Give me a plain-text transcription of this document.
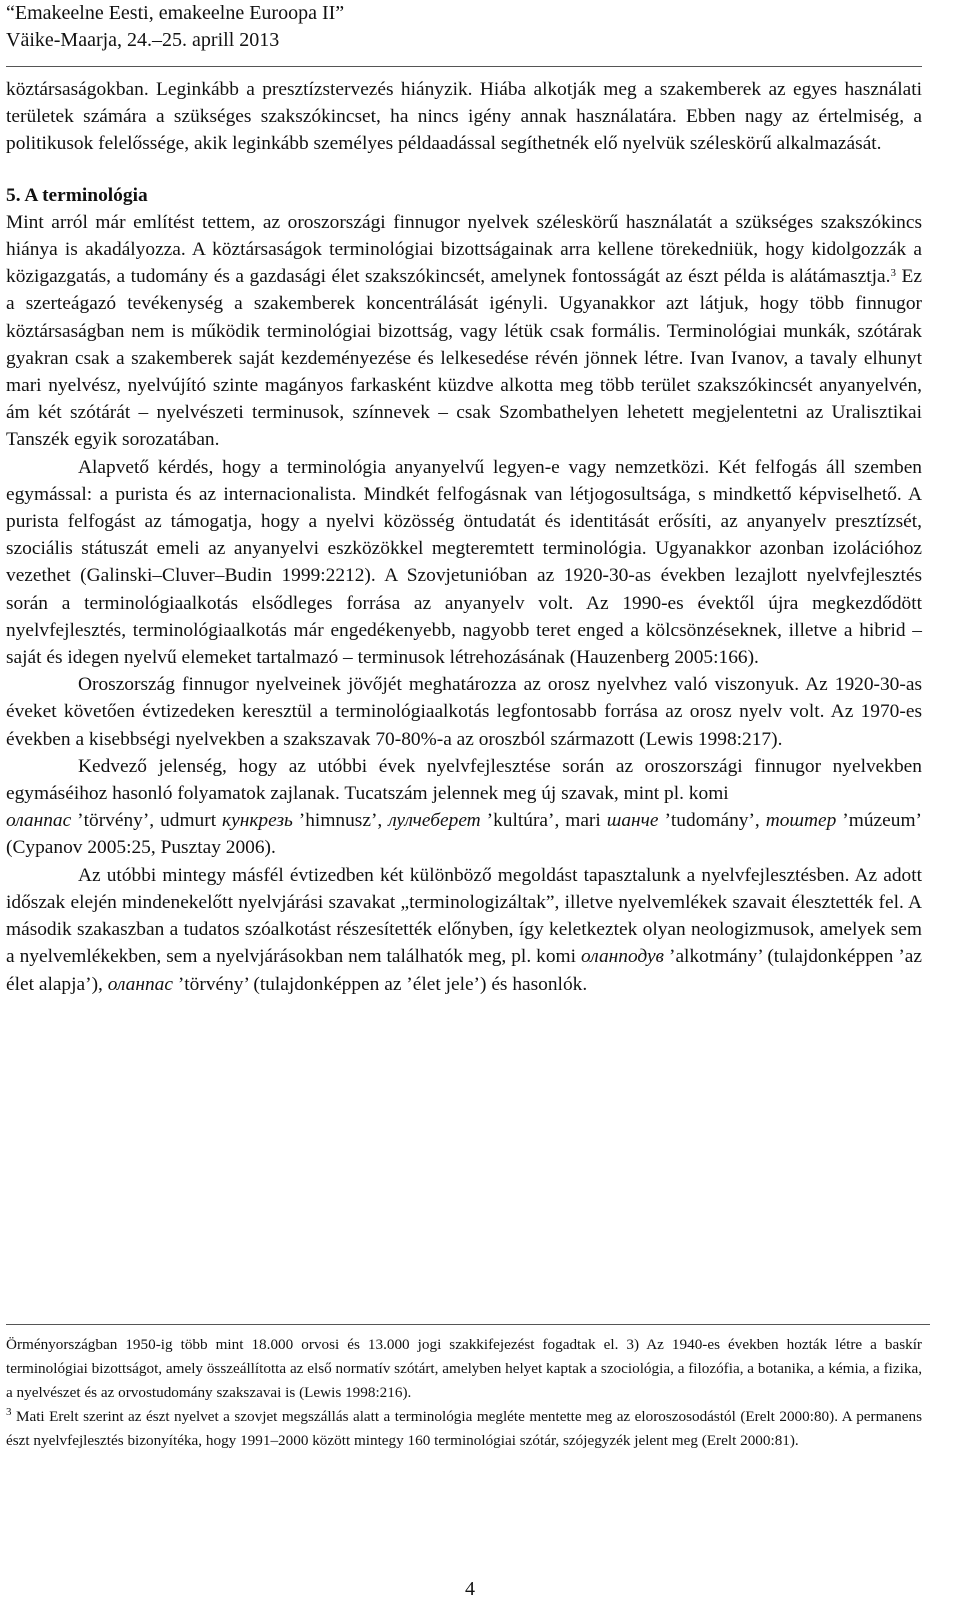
“Emakeelne Eesti, emakeelne Euroopa II”
Väike-Maarja, 24.–25. aprill 2013

köztársaságokban. Leginkább a presztízstervezés hiányzik. Hiába alkotják meg a szakemberek az egyes használati területek számára a szükséges szakszókincset, ha nincs igény annak használatára. Ebben nagy az értelmiség, a politikusok felelőssége, akik leginkább személyes példaadással segíthetnék elő nyelvük széleskörű alkalmazását.

5. A terminológia

Mint arról már említést tettem, az oroszországi finnugor nyelvek széleskörű használatát a szükséges szakszókincs hiánya is akadályozza. A köztársaságok terminológiai bizottságainak arra kellene törekedniük, hogy kidolgozzák a közigazgatás, a tudomány és a gazdasági élet szakszókincsét, amelynek fontosságát az észt példa is alátámasztja.$^3$ Ez a szerteágazó tevékenység a szakemberek koncentrálását igényli. Ugyanakkor azt látjuk, hogy több finnugor köztársaságban nem is működik terminológiai bizottság, vagy létük csak formális. Terminológiai munkák, szótárak gyakran csak a szakemberek saját kezdeményezése és lelkesedése révén jönnek létre. Ivan Ivanov, a tavaly elhunyt mari nyelvész, nyelvújító szinte magányos farkasként küzdve alkotta meg több terület szakszókincsét anyanyelvén, ám két szótárát – nyelvészeti terminusok, színnevek – csak Szombathelyen lehetett megjelentetni az Uralisztikai Tanszék egyik sorozatában.

Alapvető kérdés, hogy a terminológia anyanyelvű legyen-e vagy nemzetközi. Két felfogás áll szemben egymással: a purista és az internacionalista. Mindkét felfogásnak van létjogosultsága, s mindkettő képviselhető. A purista felfogást az támogatja, hogy a nyelvi közösség öntudatát és identitását erősíti, az anyanyelv presztízsét, szociális státuszát emeli az anyanyelvi eszközökkel megteremtett terminológia. Ugyanakkor azonban izolációhoz vezethet (Galinski–Cluver–Budin 1999:2212). A Szovjetunióban az 1920-30-as években lezajlott nyelvfejlesztés során a terminológiaalkotás elsődleges forrása az anyanyelv volt. Az 1990-es évektől újra megkezdődött nyelvfejlesztés, terminológiaalkotás már engedékenyebb, nagyobb teret enged a kölcsönzéseknek, illetve a hibrid – saját és idegen nyelvű elemeket tartalmazó – terminusok létrehozásának (Hauzenberg 2005:166).

Oroszország finnugor nyelveinek jövőjét meghatározza az orosz nyelvhez való viszonyuk. Az 1920-30-as éveket követően évtizedeken keresztül a terminológiaalkotás legfontosabb forrása az orosz nyelv volt. Az 1970-es években a kisebbségi nyelvekben a szakszavak 70-80%-a az oroszból származott (Lewis 1998:217).

Kedvező jelenség, hogy az utóbbi évek nyelvfejlesztése során az oroszországi finnugor nyelvekben egymáséihoz hasonló folyamatok zajlanak. Tucatszám jelennek meg új szavak, mint pl. komi
оланпас ’törvény’, udmurt кункрезь ’himnusz’, лулчеберет ’kultúra’, mari шанче ’tudomány’, тоштер ’múzeum’ (Cypanov 2005:25, Pusztay 2006).

Az utóbbi mintegy másfél évtizedben két különböző megoldást tapasztalunk a nyelvfejlesztésben. Az adott időszak elején mindenekelőtt nyelvjárási szavakat „terminologizáltak”, illetve nyelvemlékek szavait élesztették fel. A második szakaszban a tudatos szóalkotást részesítették előnyben, így keletkeztek olyan neologizmusok, amelyek sem a nyelvemlékekben, sem a nyelvjárásokban nem találhatók meg, pl. komi оланподув ’alkotmány’ (tulajdonképpen ’az élet alapja’), оланпас ’törvény’ (tulajdonképpen az ’élet jele’) és hasonlók.

Örményországban 1950-ig több mint 18.000 orvosi és 13.000 jogi szakkifejezést fogadtak el. 3) Az 1940-es években hozták létre a baskír terminológiai bizottságot, amely összeállította az első normatív szótárt, amelyben helyet kaptak a szociológia, a filozófia, a botanika, a kémia, a fizika, a nyelvészet és az orvostudomány szakszavai is (Lewis 1998:216).

$^3$ Mati Erelt szerint az észt nyelvet a szovjet megszállás alatt a terminológia megléte mentette meg az eloroszosodástól (Erelt 2000:80). A permanens észt nyelvfejlesztés bizonyítéka, hogy 1991–2000 között mintegy 160 terminológiai szótár, szójegyzék jelent meg (Erelt 2000:81).

4
